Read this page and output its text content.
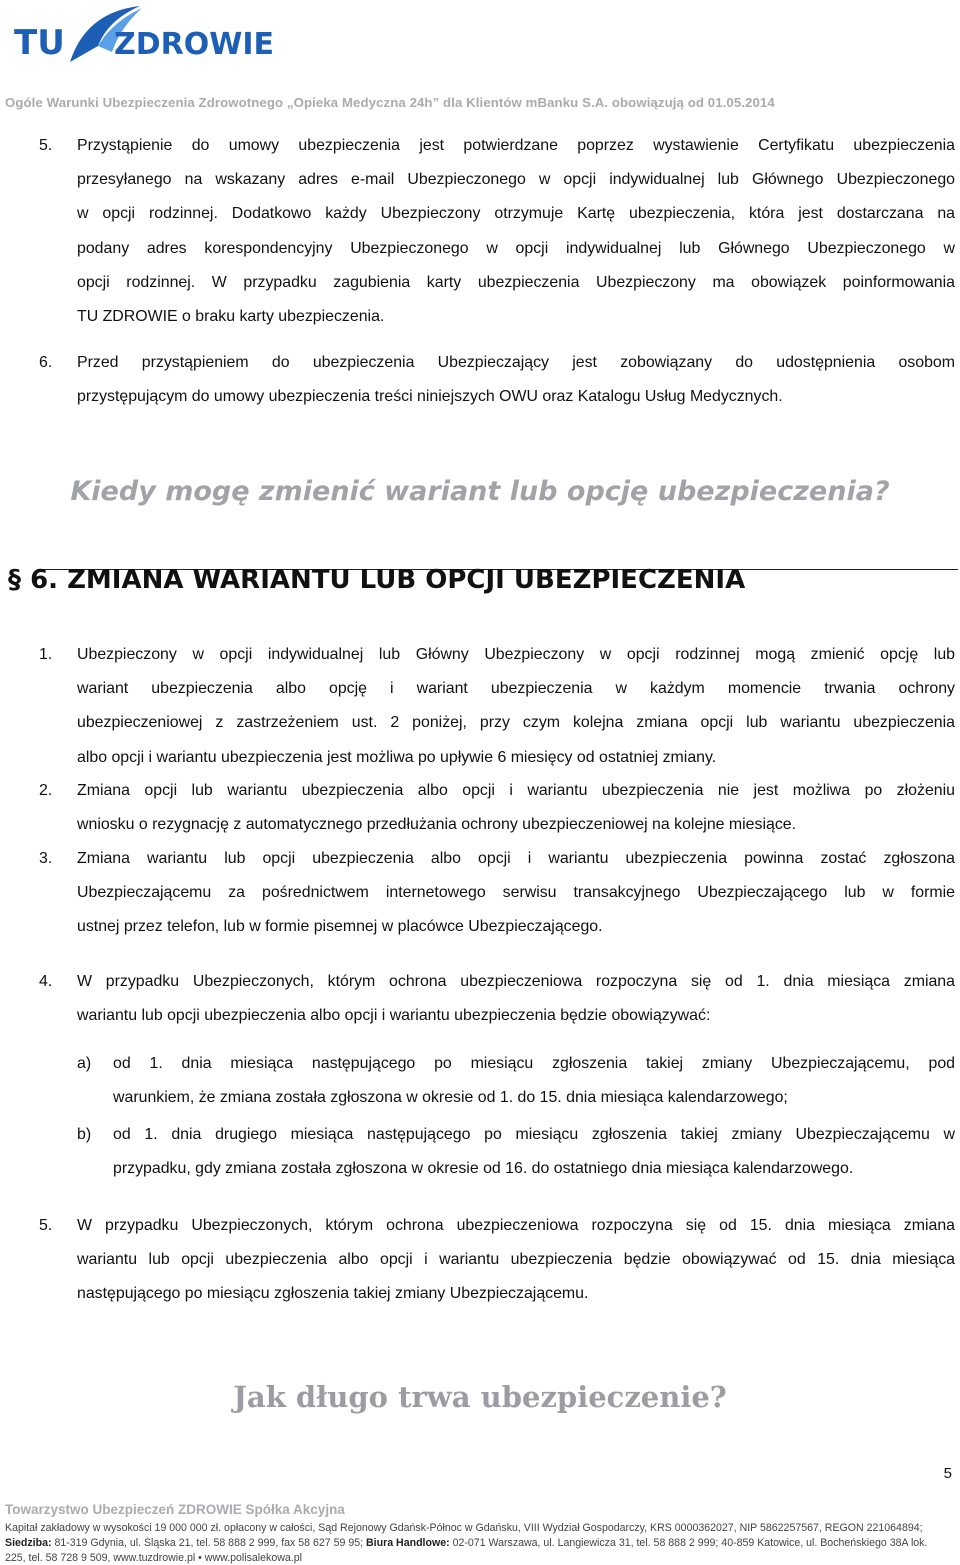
TU ZDROWIE
Ogóle Warunki Ubezpieczenia Zdrowotnego „Opieka Medyczna 24h” dla Klientów mBanku S.A. obowiązują od 01.05.2014
5. Przystąpienie do umowy ubezpieczenia jest potwierdzane poprzez wystawienie Certyfikatu ubezpieczenia
przesyłanego na wskazany adres e-mail Ubezpieczonego w opcji indywidualnej lub Głównego Ubezpieczonego
w opcji rodzinnej. Dodatkowo każdy Ubezpieczony otrzymuje Kartę ubezpieczenia, która jest dostarczana na
podany adres korespondencyjny Ubezpieczonego w opcji indywidualnej lub Głównego Ubezpieczonego w
opcji rodzinnej. W przypadku zagubienia karty ubezpieczenia Ubezpieczony ma obowiązek poinformowania
TU ZDROWIE o braku karty ubezpieczenia.
6. Przed przystąpieniem do ubezpieczenia Ubezpieczający jest zobowiązany do udostępnienia osobom
przystępującym do umowy ubezpieczenia treści niniejszych OWU oraz Katalogu Usług Medycznych.
Kiedy mogę zmienić wariant lub opcję ubezpieczenia?
§ 6. ZMIANA WARIANTU LUB OPCJI UBEZPIECZENIA
1. Ubezpieczony w opcji indywidualnej lub Główny Ubezpieczony w opcji rodzinnej mogą zmienić opcję lub
wariant ubezpieczenia albo opcję i wariant ubezpieczenia w każdym momencie trwania ochrony
ubezpieczeniowej z zastrzeżeniem ust. 2 poniżej, przy czym kolejna zmiana opcji lub wariantu ubezpieczenia
albo opcji i wariantu ubezpieczenia jest możliwa po upływie 6 miesięcy od ostatniej zmiany.
2. Zmiana opcji lub wariantu ubezpieczenia albo opcji i wariantu ubezpieczenia nie jest możliwa po złożeniu
wniosku o rezygnację z automatycznego przedłużania ochrony ubezpieczeniowej na kolejne miesiące.
3. Zmiana wariantu lub opcji ubezpieczenia albo opcji i wariantu ubezpieczenia powinna zostać zgłoszona
Ubezpieczającemu za pośrednictwem internetowego serwisu transakcyjnego Ubezpieczającego lub w formie
ustnej przez telefon, lub w formie pisemnej w placówce Ubezpieczającego.
4. W przypadku Ubezpieczonych, którym ochrona ubezpieczeniowa rozpoczyna się od 1. dnia miesiąca zmiana
wariantu lub opcji ubezpieczenia albo opcji i wariantu ubezpieczenia będzie obowiązywać:
a) od 1. dnia miesiąca następującego po miesiącu zgłoszenia takiej zmiany Ubezpieczającemu, pod
warunkiem, że zmiana została zgłoszona w okresie od 1. do 15. dnia miesiąca kalendarzowego;
b) od 1. dnia drugiego miesiąca następującego po miesiącu zgłoszenia takiej zmiany Ubezpieczającemu w
przypadku, gdy zmiana została zgłoszona w okresie od 16. do ostatniego dnia miesiąca kalendarzowego.
5. W przypadku Ubezpieczonych, którym ochrona ubezpieczeniowa rozpoczyna się od 15. dnia miesiąca zmiana
wariantu lub opcji ubezpieczenia albo opcji i wariantu ubezpieczenia będzie obowiązywać od 15. dnia miesiąca
następującego po miesiącu zgłoszenia takiej zmiany Ubezpieczającemu.
Jak długo trwa ubezpieczenie?
5
Towarzystwo Ubezpieczeń ZDROWIE Spółka Akcyjna
Kapitał zakładowy w wysokości 19 000 000 zł. opłacony w całości, Sąd Rejonowy Gdańsk-Północ w Gdańsku, VIII Wydział Gospodarczy, KRS 0000362027, NIP 5862257567, REGON 221064894;
Siedziba: 81-319 Gdynia, ul. Śląska 21, tel. 58 888 2 999, fax 58 627 59 95; Biura Handlowe: 02-071 Warszawa, ul. Langiewicza 31, tel. 58 888 2 999; 40-859 Katowice, ul. Bocheńskiego 38A lok.
225, tel. 58 728 9 509, www.tuzdrowie.pl • www.polisalekowa.pl
